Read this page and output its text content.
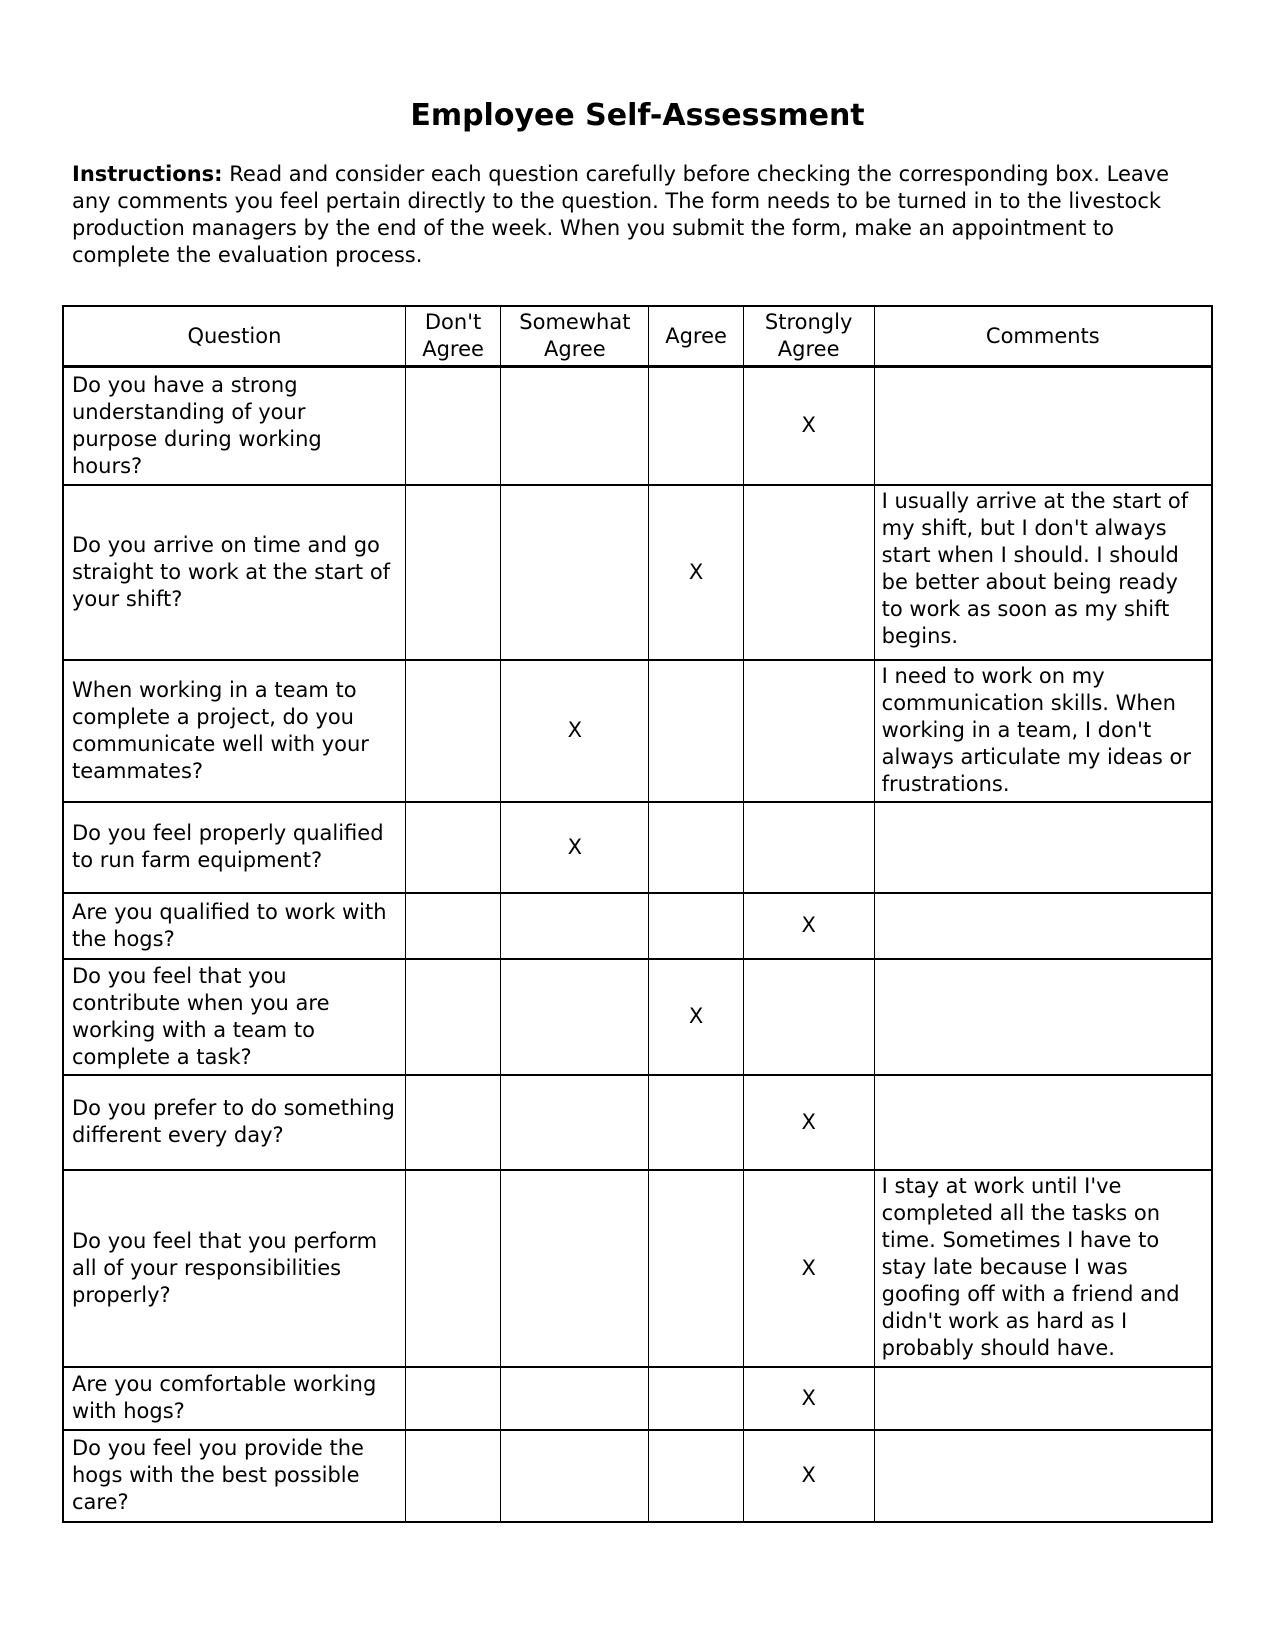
Employee Self-Assessment

Instructions: Read and consider each question carefully before checking the corresponding box. Leave any comments you feel pertain directly to the question. The form needs to be turned in to the livestock production managers by the end of the week. When you submit the form, make an appointment to complete the evaluation process.

Question	Don't Agree	Somewhat Agree	Agree	Strongly Agree	Comments
Do you have a strong understanding of your purpose during working hours?				X	
Do you arrive on time and go straight to work at the start of your shift?			X		I usually arrive at the start of my shift, but I don't always start when I should. I should be better about being ready to work as soon as my shift begins.
When working in a team to complete a project, do you communicate well with your teammates?		X			I need to work on my communication skills. When working in a team, I don't always articulate my ideas or frustrations.
Do you feel properly qualified to run farm equipment?		X			
Are you qualified to work with the hogs?				X	
Do you feel that you contribute when you are working with a team to complete a task?			X		
Do you prefer to do something different every day?				X	
Do you feel that you perform all of your responsibilities properly?				X	I stay at work until I've completed all the tasks on time. Sometimes I have to stay late because I was goofing off with a friend and didn't work as hard as I probably should have.
Are you comfortable working with hogs?				X	
Do you feel you provide the hogs with the best possible care?				X	
